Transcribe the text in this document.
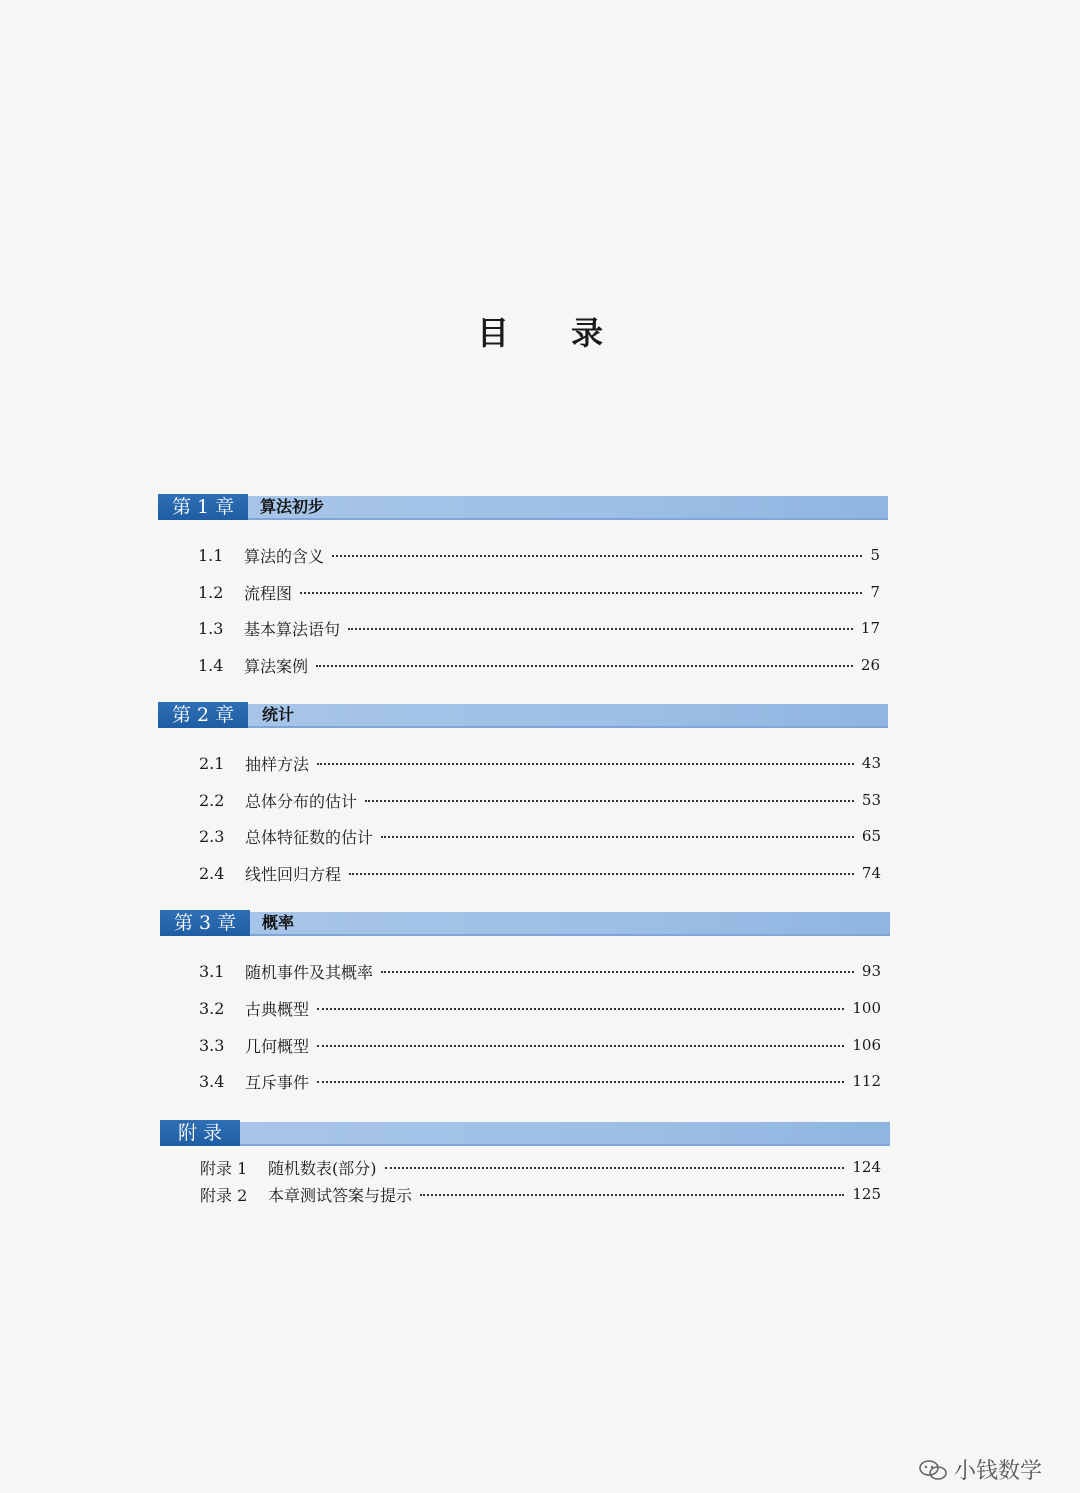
目 录
第 1 章	算法初步
1.1	算法的含义	5
1.2	流程图	7
1.3	基本算法语句	17
1.4	算法案例	26
第 2 章	统计
2.1	抽样方法	43
2.2	总体分布的估计	53
2.3	总体特征数的估计	65
2.4	线性回归方程	74
第 3 章	概率
3.1	随机事件及其概率	93
3.2	古典概型	100
3.3	几何概型	106
3.4	互斥事件	112
附 录
附录 1	随机数表(部分)	124
附录 2	本章测试答案与提示	125
小钱数学
